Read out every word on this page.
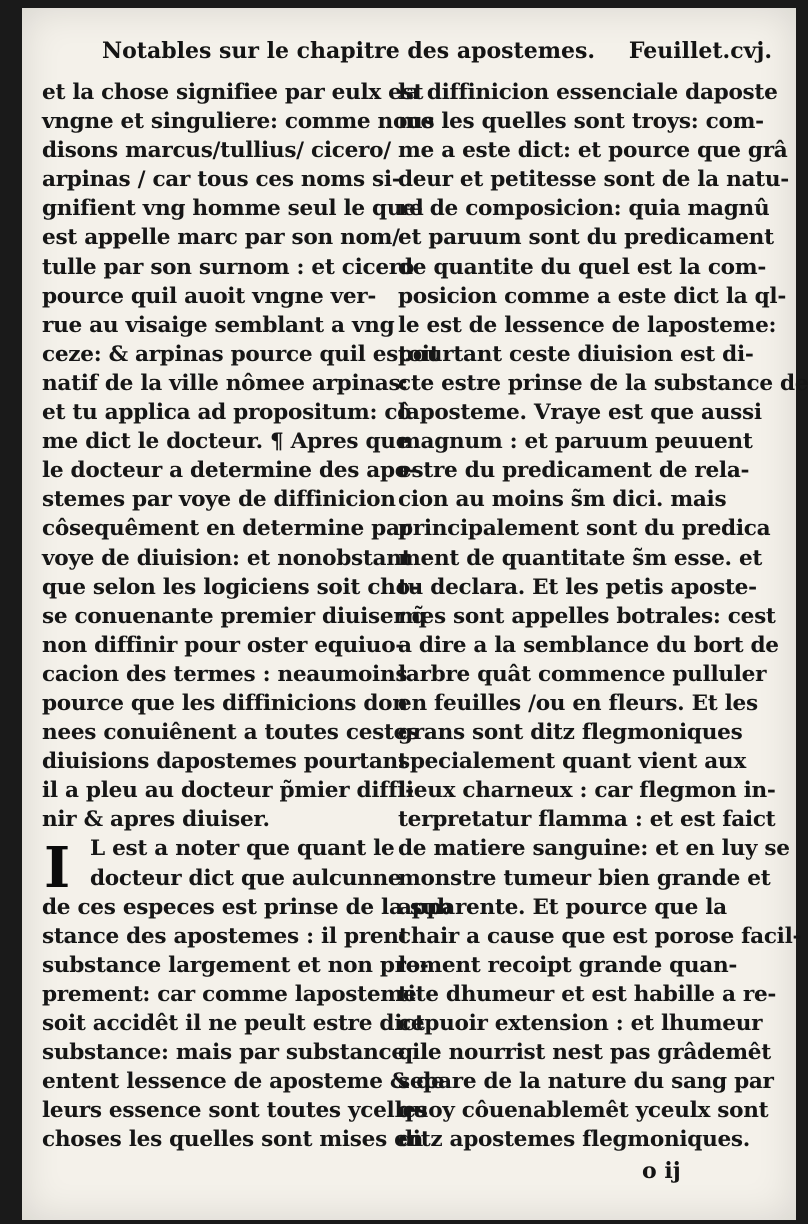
Notables sur le chapitre des apostemes. Feuillet.cvj.
et la chose signifiee par eulx est
vngne et singuliere: comme nous
disons marcus/tullius/ cicero/
arpinas / car tous ces noms si-
gnifient vng homme seul le quel
est appelle marc par son nom/
tulle par son surnom : et cicero
pource quil auoit vngne ver-
rue au visaige semblant a vng
ceze: & arpinas pource quil estoit
natif de la ville nômee arpinas:
et tu applica ad propositum: cô
me dict le docteur. ¶ Apres que
le docteur a determine des apo-
stemes par voye de diffinicion
côsequêment en determine par
voye de diuision: et nonobstant
que selon les logiciens soit cho-
se conuenante premier diuiser q̃
non diffinir pour oster equiuo-
cacion des termes : neaumoins
pource que les diffinicions don
nees conuiênent a toutes cestes
diuisions dapostemes pourtant
il a pleu au docteur p̃mier diffi-
nir & apres diuiser.
L est a noter que quant le
docteur dict que aulcunne
de ces especes est prinse de la sub
stance des apostemes : il prent
substance largement et non pro-
prement: car comme laposteme
soit accidêt il ne peult estre dict
substance: mais par substance il
entent lessence de aposteme & de
leurs essence sont toutes ycelles
choses les quelles sont mises en
I
la diffinicion essenciale daposte
me les quelles sont troys: com-
me a este dict: et pource que grâ
deur et petitesse sont de la natu-
re de composicion: quia magnû
et paruum sont du predicament
de quantite du quel est la com-
posicion comme a este dict la ql-
le est de lessence de laposteme:
pourtant ceste diuision est di-
cte estre prinse de la substance de
laposteme. Vraye est que aussi
magnum : et paruum peuuent
estre du predicament de rela-
cion au moins s̃m dici. mais
principalement sont du predica
ment de quantitate s̃m esse. et
tu declara. Et les petis aposte-
mes sont appelles botrales: cest
a dire a la semblance du bort de
larbre quât commence pulluler
en feuilles /ou en fleurs. Et les
grans sont ditz flegmoniques
specialement quant vient aux
lieux charneux : car flegmon in-
terpretatur flamma : et est faict
de matiere sanguine: et en luy se
monstre tumeur bien grande et
apparente. Et pource que la
chair a cause que est porose facil-
lement recoipt grande quan-
tite dhumeur et est habille a re-
cepuoir extension : et lhumeur
q le nourrist nest pas grâdemêt
separe de la nature du sang par
quoy côuenablemêt yceulx sont
ditz apostemes flegmoniques.
o ij
